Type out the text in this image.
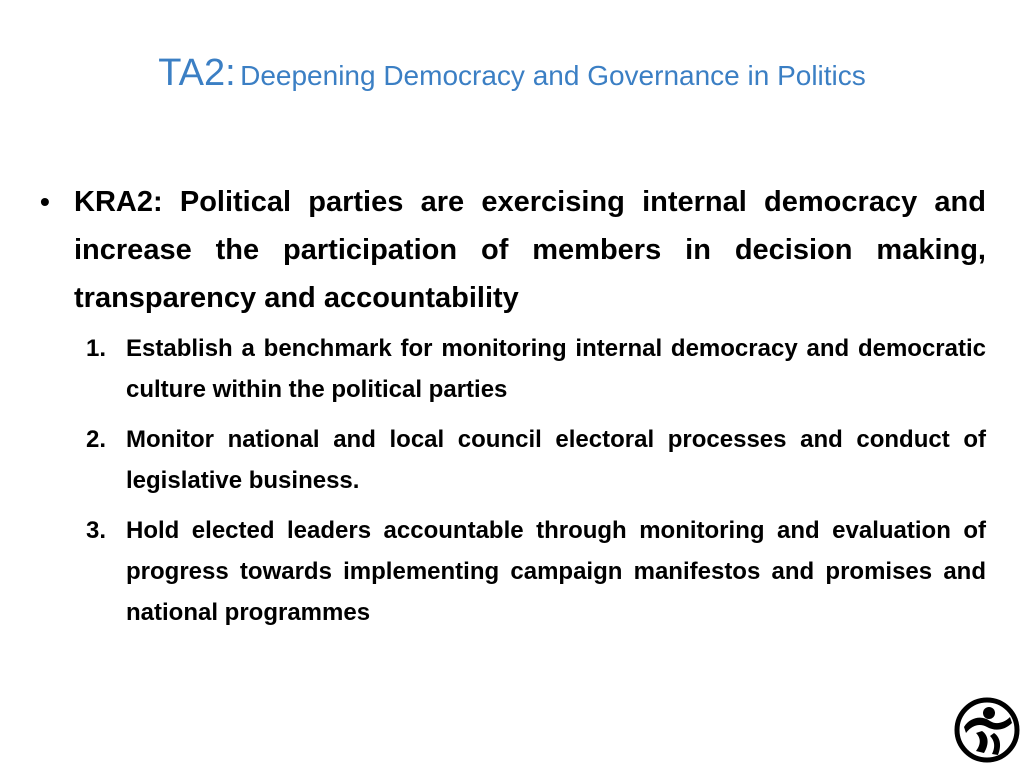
TA2: Deepening Democracy and Governance in Politics
• KRA2: Political parties are exercising internal democracy and increase the participation of members in decision making, transparency and accountability
1. Establish a benchmark for monitoring internal democracy and democratic culture within the political parties
2. Monitor national and local council electoral processes and conduct of legislative business.
3. Hold elected leaders accountable through monitoring and evaluation of progress towards implementing campaign manifestos and promises and national programmes
